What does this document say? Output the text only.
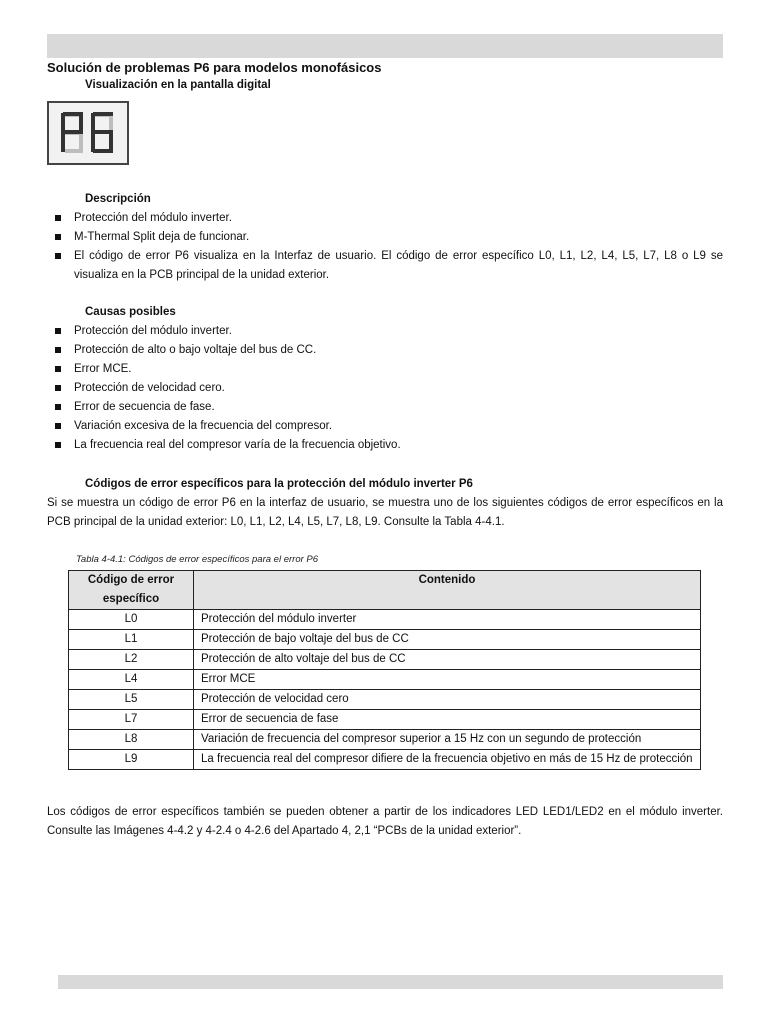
Solución de problemas P6 para modelos monofásicos
Visualización en la pantalla digital
Descripción
Protección del módulo inverter.
M-Thermal Split deja de funcionar.
El código de error P6 visualiza en la Interfaz de usuario. El código de error específico L0, L1, L2, L4, L5, L7, L8 o L9 se visualiza en la PCB principal de la unidad exterior.
Causas posibles
Protección del módulo inverter.
Protección de alto o bajo voltaje del bus de CC.
Error MCE.
Protección de velocidad cero.
Error de secuencia de fase.
Variación excesiva de la frecuencia del compresor.
La frecuencia real del compresor varía de la frecuencia objetivo.
Códigos de error específicos para la protección del módulo inverter P6
Si se muestra un código de error P6 en la interfaz de usuario, se muestra uno de los siguientes códigos de error específicos en la PCB principal de la unidad exterior: L0, L1, L2, L4, L5, L7, L8, L9. Consulte la Tabla 4-4.1.
Tabla 4-4.1: Códigos de error específicos para el error P6
Código de error específico	Contenido
L0	Protección del módulo inverter
L1	Protección de bajo voltaje del bus de CC
L2	Protección de alto voltaje del bus de CC
L4	Error MCE
L5	Protección de velocidad cero
L7	Error de secuencia de fase
L8	Variación de frecuencia del compresor superior a 15 Hz con un segundo de protección
L9	La frecuencia real del compresor difiere de la frecuencia objetivo en más de 15 Hz de protección
Los códigos de error específicos también se pueden obtener a partir de los indicadores LED LED1/LED2 en el módulo inverter. Consulte las Imágenes 4-4.2 y 4-2.4 o 4-2.6 del Apartado 4, 2,1 “PCBs de la unidad exterior”.
